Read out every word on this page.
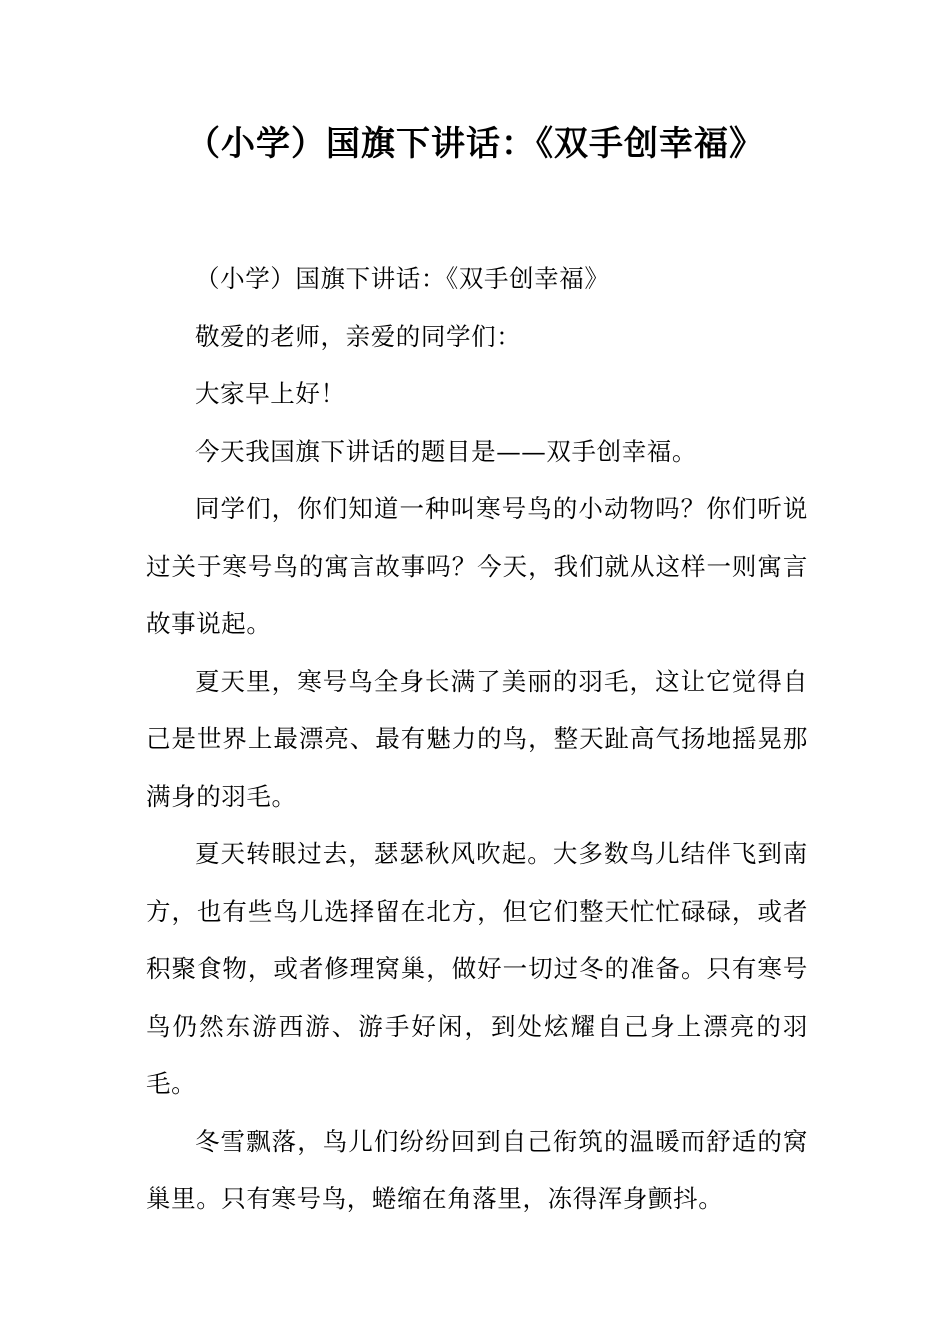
（小学）国旗下讲话：《双手创幸福》

（小学）国旗下讲话：《双手创幸福》

敬爱的老师，亲爱的同学们：

大家早上好！

今天我国旗下讲话的题目是——双手创幸福。

同学们，你们知道一种叫寒号鸟的小动物吗？你们听说过关于寒号鸟的寓言故事吗？今天，我们就从这样一则寓言故事说起。

夏天里，寒号鸟全身长满了美丽的羽毛，这让它觉得自己是世界上最漂亮、最有魅力的鸟，整天趾高气扬地摇晃那满身的羽毛。

夏天转眼过去，瑟瑟秋风吹起。大多数鸟儿结伴飞到南方，也有些鸟儿选择留在北方，但它们整天忙忙碌碌，或者积聚食物，或者修理窝巢，做好一切过冬的准备。只有寒号鸟仍然东游西游、游手好闲，到处炫耀自己身上漂亮的羽毛。

冬雪飘落，鸟儿们纷纷回到自己衔筑的温暖而舒适的窝巢里。只有寒号鸟，蜷缩在角落里，冻得浑身颤抖。
